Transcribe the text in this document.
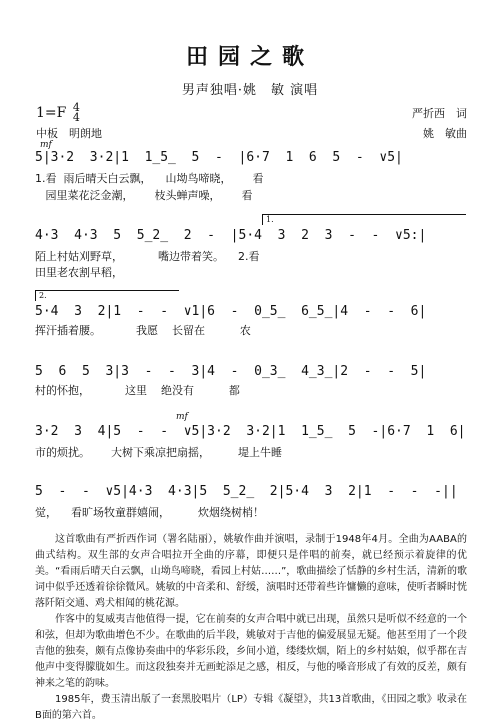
田园之歌
男声独唱·姚　敏 演唱
1=F 4
4
中板　明朗地
严折西　词
姚　敏曲
mf
mf
1.
2.
5|3·2  3·2|1  1̲5̲  5  -  |6·7  1  6  5  -  ∨5|
1.看  雨后晴天白云飘，    山坳鸟啼晓，      看
园里菜花泛金潮，      枝头蝉声噪，      看
4·3  4·3  5  5̲2̲  2  -  |5·4  3  2  3  -  -  ∨5:|
陌上村姑刈野草，          嘴边带着笑。    2.看
田里老农割早稻，
5·4  3  2|1  -  -  ∨1|6  -  0̲5̲  6̲5̲|4  -  -  6|
挥汗插着腰。          我愿    长留在          农
5  6  5  3|3  -  -  3|4  -  0̲3̲  4̲3̲|2  -  -  5|
村的怀抱，          这里    绝没有          都
3·2  3  4|5  -  -  ∨5|3·2  3·2|1  1̲5̲  5  -|6·7  1  6|
市的烦扰。      大树下乘凉把扇摇，        堤上牛睡
5  -  -  ∨5|4·3  4·3|5  5̲2̲  2|5·4  3  2|1  -  -  -||
觉，    看旷场牧童群嬉闹，        炊烟绕树梢！

这首歌曲有严折西作词（署名陆丽），姚敏作曲并演唱，录制于1948年4月。全曲为AABA的曲式结构。双生部的女声合唱拉开全曲的序幕，即便只是伴唱的前奏，就已经预示着旋律的优美。“看雨后晴天白云飘，山坳鸟啼晓，看园上村姑……”，歌曲描绘了恬静的乡村生活，清新的歌词中似乎还透着徐徐微风。姚敏的中音柔和、舒缓，演唱时还带着些许慵懒的意味，使听者瞬时恍落阡陌交通、鸡犬相闻的桃花源。

作客中的复威夷吉他值得一提，它在前奏的女声合唱中就已出现，虽然只是听似不经意的一个和弦，但却为歌曲增色不少。在歌曲的后半段，姚敏对于吉他的偏爱展显无疑。他甚至用了一个段吉他的独奏，颇有点像协奏曲中的华彩乐段，乡间小道，缕缕炊烟，陌上的乡村姑娘，似乎都在吉他声中变得朦胧如生。而这段独奏并无画蛇添足之感，相反，与他的嗓音形成了有效的反差，颇有神来之笔的韵味。

1985年，费玉清出版了一套黑胶唱片（LP）专辑《凝望》，共13首歌曲，《田园之歌》收录在B面的第六首。
